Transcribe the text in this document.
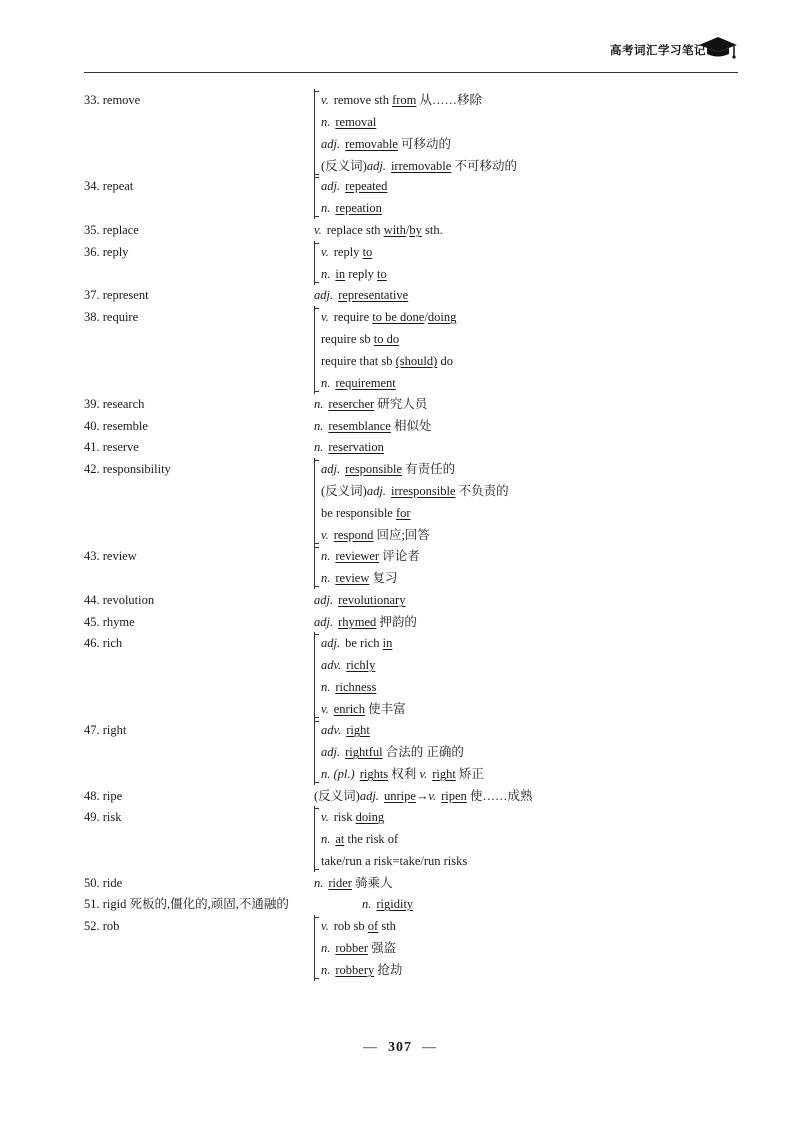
高考词汇学习笔记
33. remove	v. remove sth from 从……移除
n. removal
adj. removable 可移动的
(反义词)adj. irremovable 不可移动的
34. repeat	adj. repeated
n. repeation
35. replace	v. replace sth with/by sth.
36. reply	v. reply to
n. in reply to
37. represent	adj. representative
38. require	v. require to be done/doing
require sb to do
require that sb (should) do
n. requirement
39. research	n. resercher 研究人员
40. resemble	n. resemblance 相似处
41. reserve	n. reservation
42. responsibility	adj. responsible 有责任的
(反义词)adj. irresponsible 不负责的
be responsible for
v. respond 回应;回答
43. review	n. reviewer 评论者
n. review 复习
44. revolution	adj. revolutionary
45. rhyme	adj. rhymed 押韵的
46. rich	adj. be rich in
adv. richly
n. richness
v. enrich 使丰富
47. right	adv. right
adj. rightful 合法的 正确的
n. (pl.) rights 权利 v. right 矫正
48. ripe	(反义词)adj. unripe→v. ripen 使……成熟
49. risk	v. risk doing
n. at the risk of
take/run a risk=take/run risks
50. ride	n. rider 骑乘人
51. rigid 死板的,僵化的,顽固,不通融的	n. rigidity
52. rob	v. rob sb of sth
n. robber 强盗
n. robbery 抢劫
— 307 —
